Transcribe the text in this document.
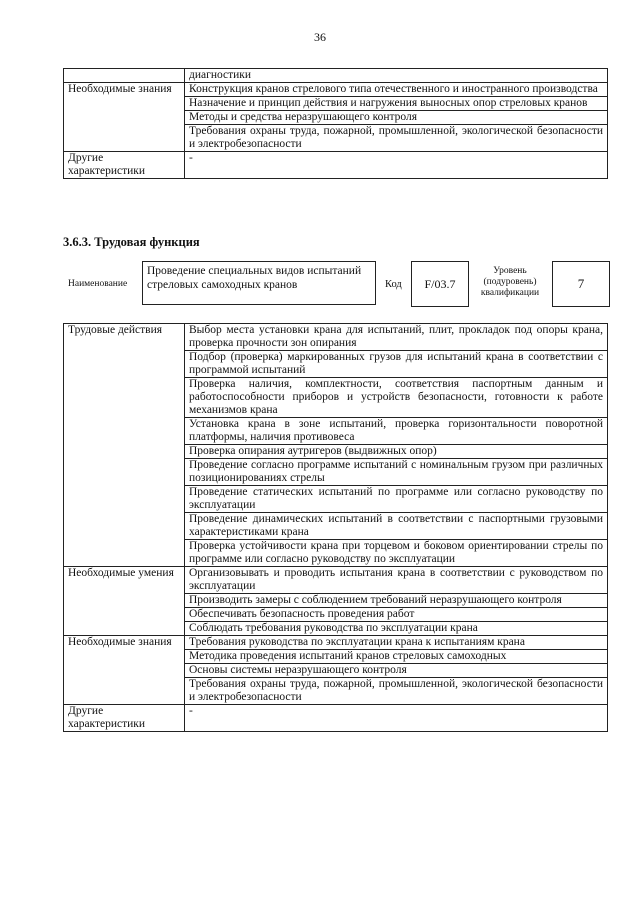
36
	диагностики
Необходимые знания	Конструкция кранов стрелового типа отечественного и иностранного производства
	Назначение и принцип действия и нагружения выносных опор стреловых кранов
	Методы и средства неразрушающего контроля
	Требования охраны труда, пожарной, промышленной, экологической безопасности и электробезопасности
Другие характеристики	-
3.6.3. Трудовая функция
Наименование
Проведение специальных видов испытаний стреловых самоходных кранов	Код	F/03.7
Уровень (подуровень) квалификации
7
Трудовые действия	Выбор места установки крана для испытаний, плит, прокладок под опоры крана, проверка прочности зон опирания
	Подбор (проверка) маркированных грузов для испытаний крана в соответствии с программой испытаний
	Проверка наличия, комплектности, соответствия паспортным данным и работоспособности приборов и устройств безопасности, готовности к работе механизмов крана
	Установка крана в зоне испытаний, проверка горизонтальности поворотной платформы, наличия противовеса
	Проверка опирания аутригеров (выдвижных опор)
	Проведение согласно программе испытаний с номинальным грузом при различных позиционированиях стрелы
	Проведение статических испытаний по программе или согласно руководству по эксплуатации
	Проведение динамических испытаний в соответствии с паспортными грузовыми характеристиками крана
	Проверка устойчивости крана при торцевом и боковом ориентировании стрелы по программе или согласно руководству по эксплуатации
Необходимые умения	Организовывать и проводить испытания крана в соответствии с руководством по эксплуатации
	Производить замеры с соблюдением требований неразрушающего контроля
	Обеспечивать безопасность проведения работ
	Соблюдать требования руководства по эксплуатации крана
Необходимые знания	Требования руководства по эксплуатации крана к испытаниям крана
	Методика проведения испытаний кранов стреловых самоходных
	Основы системы неразрушающего контроля
	Требования охраны труда, пожарной, промышленной, экологической безопасности и электробезопасности
Другие характеристики	-
